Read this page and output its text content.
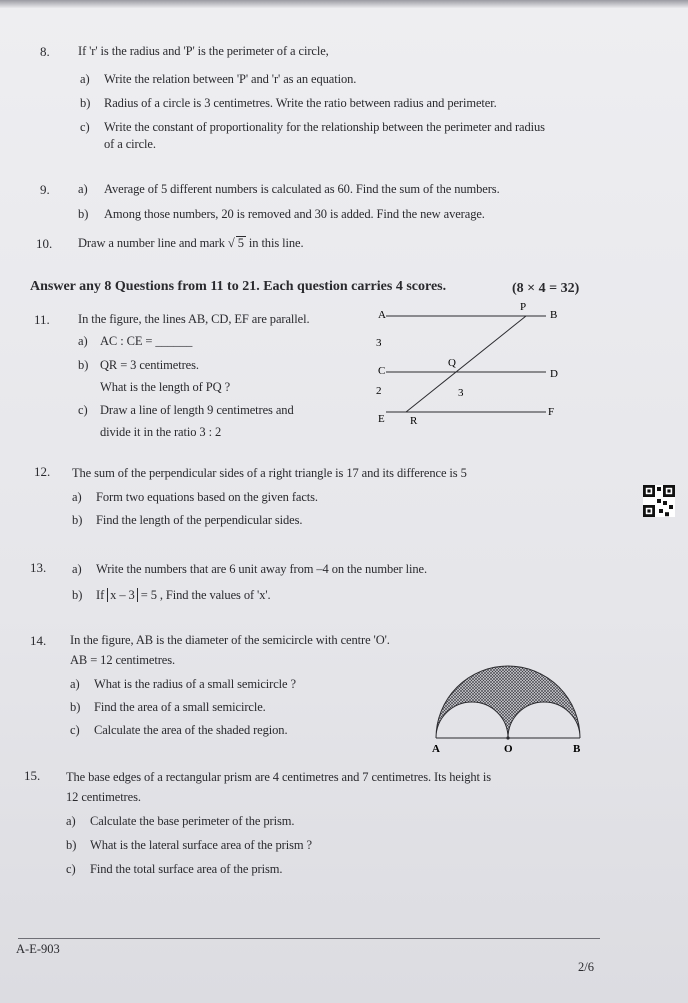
8. If 'r' is the radius and 'P' is the perimeter of a circle,
a) Write the relation between 'P' and 'r' as an equation.
b) Radius of a circle is 3 centimetres. Write the ratio between radius and perimeter.
c) Write the constant of proportionality for the relationship between the perimeter and radius
of a circle.
9. a) Average of 5 different numbers is calculated as 60. Find the sum of the numbers.
b) Among those numbers, 20 is removed and 30 is added. Find the new average.
10. Draw a number line and mark √ 5 in this line.
Answer any 8 Questions from 11 to 21. Each question carries 4 scores.	(8 × 4 = 32)
11. In the figure, the lines AB, CD, EF are parallel.
a) AC : CE = ______
b) QR = 3 centimetres.
What is the length of PQ ?
c) Draw a line of length 9 centimetres and
divide it in the ratio 3 : 2
A	B
C	D
E
F
P
Q
R
3
2	3
12. The sum of the perpendicular sides of a right triangle is 17 and its difference is 5
a) Form two equations based on the given facts.
b) Find the length of the perpendicular sides.
13. a) Write the numbers that are 6 unit away from –4 on the number line.
b) If x – 3 = 5 , Find the values of 'x'.
14. In the figure, AB is the diameter of the semicircle with centre 'O'.
AB = 12 centimetres.
a) What is the radius of a small semicircle ?
b) Find the area of a small semicircle.
c) Calculate the area of the shaded region.
A	O	B
15. The base edges of a rectangular prism are 4 centimetres and 7 centimetres. Its height is
12 centimetres.
a) Calculate the base perimeter of the prism.
b) What is the lateral surface area of the prism ?
c) Find the total surface area of the prism.
A-E-903
2/6
